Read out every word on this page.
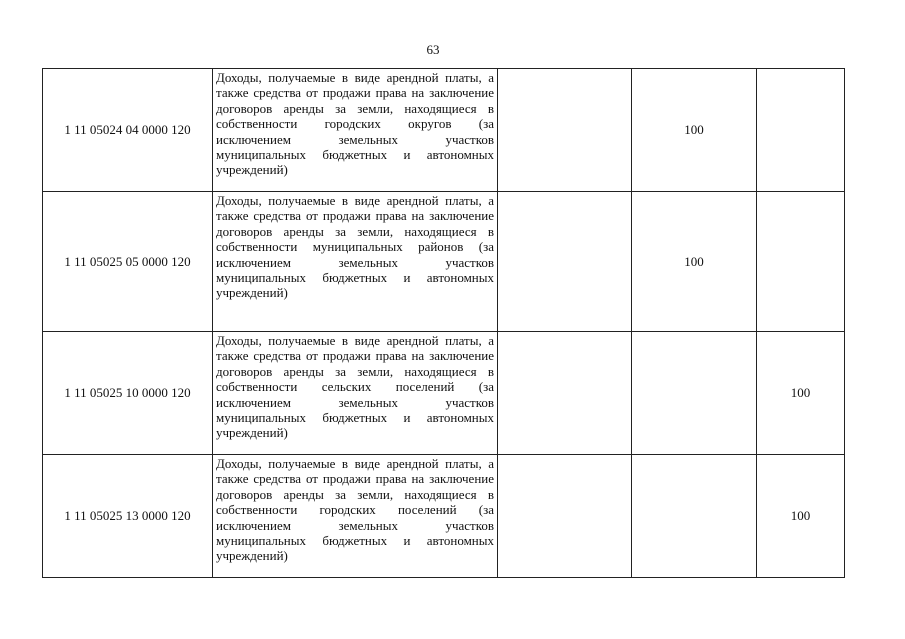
63
1 11 05024 04 0000 120	Доходы, получаемые в виде арендной платы, а также средства от продажи права на заключение договоров аренды за земли, находящиеся в собственности городских округов (за исключением земельных участков муниципальных бюджетных и автономных учреждений)		100	
1 11 05025 05 0000 120	Доходы, получаемые в виде арендной платы, а также средства от продажи права на заключение договоров аренды за земли, находящиеся в собственности муниципальных районов (за исключением земельных участков муниципальных бюджетных и автономных учреждений)		100	
1 11 05025 10 0000 120	Доходы, получаемые в виде арендной платы, а также средства от продажи права на заключение договоров аренды за земли, находящиеся в собственности сельских поселений (за исключением земельных участков муниципальных бюджетных и автономных учреждений)			100
1 11 05025 13 0000 120	Доходы, получаемые в виде арендной платы, а также средства от продажи права на заключение договоров аренды за земли, находящиеся в собственности городских поселений (за исключением земельных участков муниципальных бюджетных и автономных учреждений)			100
